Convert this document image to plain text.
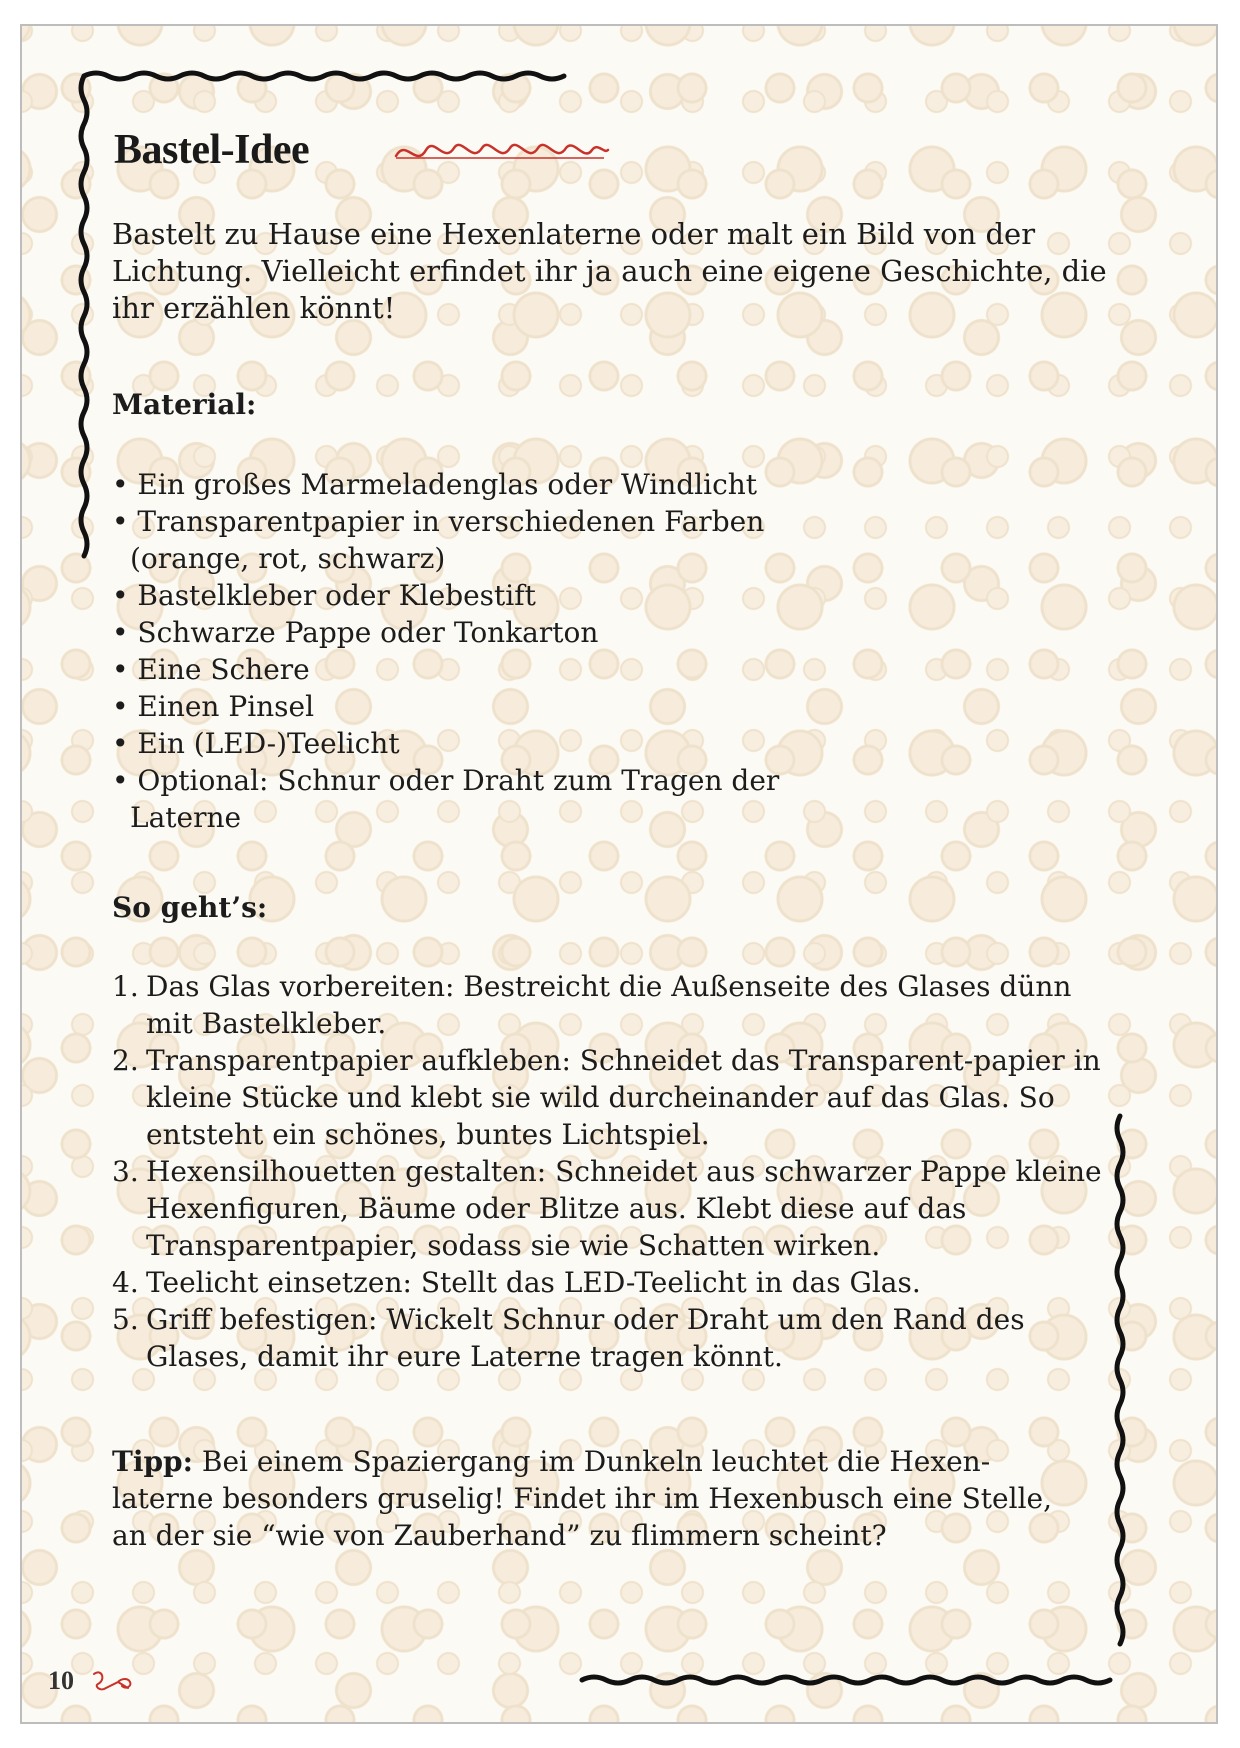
Bastel-Idee

Bastelt zu Hause eine Hexenlaterne oder malt ein Bild von der Lichtung. Vielleicht erfindet ihr ja auch eine eigene Geschichte, die ihr erzählen könnt!

Material:

• Ein großes Marmeladenglas oder Windlicht
• Transparentpapier in verschiedenen Farben (orange, rot, schwarz)
• Bastelkleber oder Klebestift
• Schwarze Pappe oder Tonkarton
• Eine Schere
• Einen Pinsel
• Ein (LED-)Teelicht
• Optional: Schnur oder Draht zum Tragen der Laterne

So geht’s:

1. Das Glas vorbereiten: Bestreicht die Außenseite des Glases dünn mit Bastelkleber.
2. Transparentpapier aufkleben: Schneidet das Transparent-papier in kleine Stücke und klebt sie wild durcheinander auf das Glas. So entsteht ein schönes, buntes Lichtspiel.
3. Hexensilhouetten gestalten: Schneidet aus schwarzer Pappe kleine Hexenfiguren, Bäume oder Blitze aus. Klebt diese auf das Transparentpapier, sodass sie wie Schatten wirken.
4. Teelicht einsetzen: Stellt das LED-Teelicht in das Glas.
5. Griff befestigen: Wickelt Schnur oder Draht um den Rand des Glases, damit ihr eure Laterne tragen könnt.

Tipp: Bei einem Spaziergang im Dunkeln leuchtet die Hexen-laterne besonders gruselig! Findet ihr im Hexenbusch eine Stelle, an der sie “wie von Zauberhand” zu flimmern scheint?

10
